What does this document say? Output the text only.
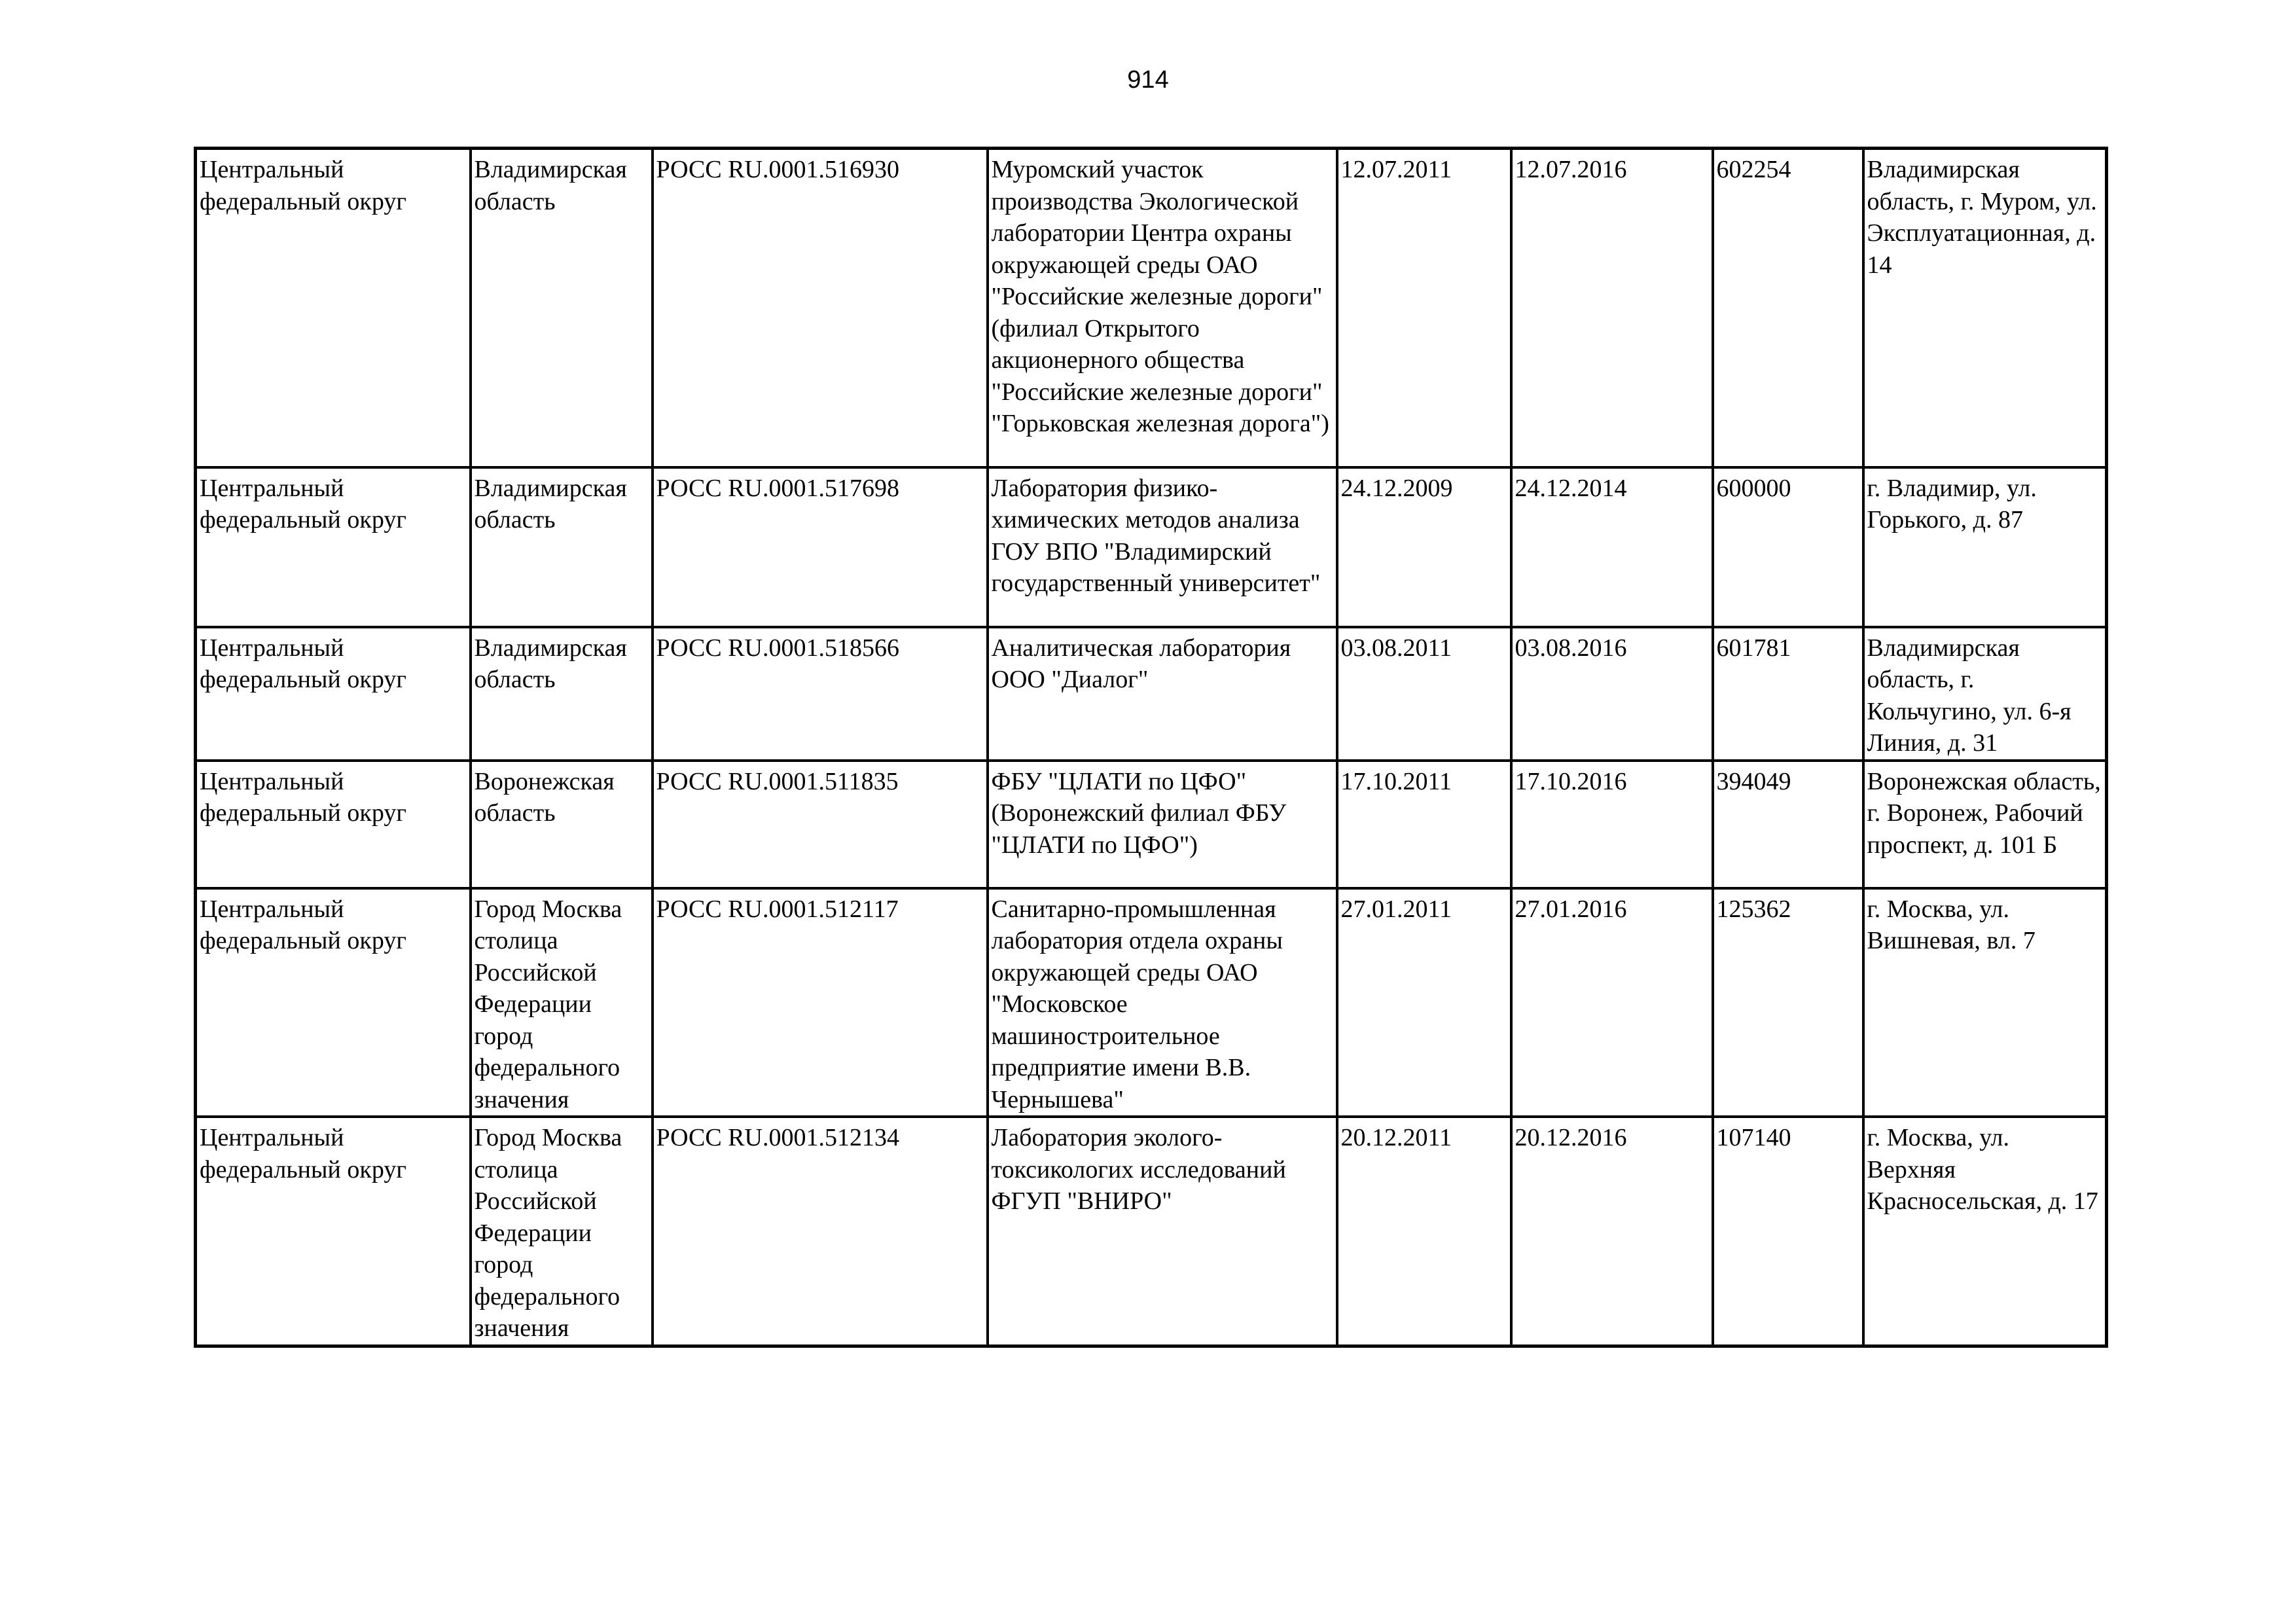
914
Центральный федеральный округ	Владимирская область	РОСС RU.0001.516930	Муромский участок производства Экологической лаборатории Центра охраны окружающей среды ОАО "Российские железные дороги" (филиал Открытого акционерного общества "Российские железные дороги" "Горьковская железная дорога")	12.07.2011	12.07.2016	602254	Владимирская область, г. Муром, ул. Эксплуатационная, д. 14
Центральный федеральный округ	Владимирская область	РОСС RU.0001.517698	Лаборатория физико-химических методов анализа ГОУ ВПО "Владимирский государственный университет"	24.12.2009	24.12.2014	600000	г. Владимир, ул. Горького, д. 87
Центральный федеральный округ	Владимирская область	РОСС RU.0001.518566	Аналитическая лаборатория ООО "Диалог"	03.08.2011	03.08.2016	601781	Владимирская область, г. Кольчугино, ул. 6-я Линия, д. 31
Центральный федеральный округ	Воронежская область	РОСС RU.0001.511835	ФБУ "ЦЛАТИ по ЦФО" (Воронежский филиал ФБУ "ЦЛАТИ по ЦФО")	17.10.2011	17.10.2016	394049	Воронежская область, г. Воронеж, Рабочий проспект, д. 101 Б
Центральный федеральный округ	Город Москва столица Российской Федерации город федерального значения	РОСС RU.0001.512117	Санитарно-промышленная лаборатория отдела охраны окружающей среды ОАО "Московское машиностроительное предприятие имени В.В. Чернышева"	27.01.2011	27.01.2016	125362	г. Москва, ул. Вишневая, вл. 7
Центральный федеральный округ	Город Москва столица Российской Федерации город федерального значения	РОСС RU.0001.512134	Лаборатория эколого-токсикологих исследований ФГУП "ВНИРО"	20.12.2011	20.12.2016	107140	г. Москва, ул. Верхняя Красносельская, д. 17
